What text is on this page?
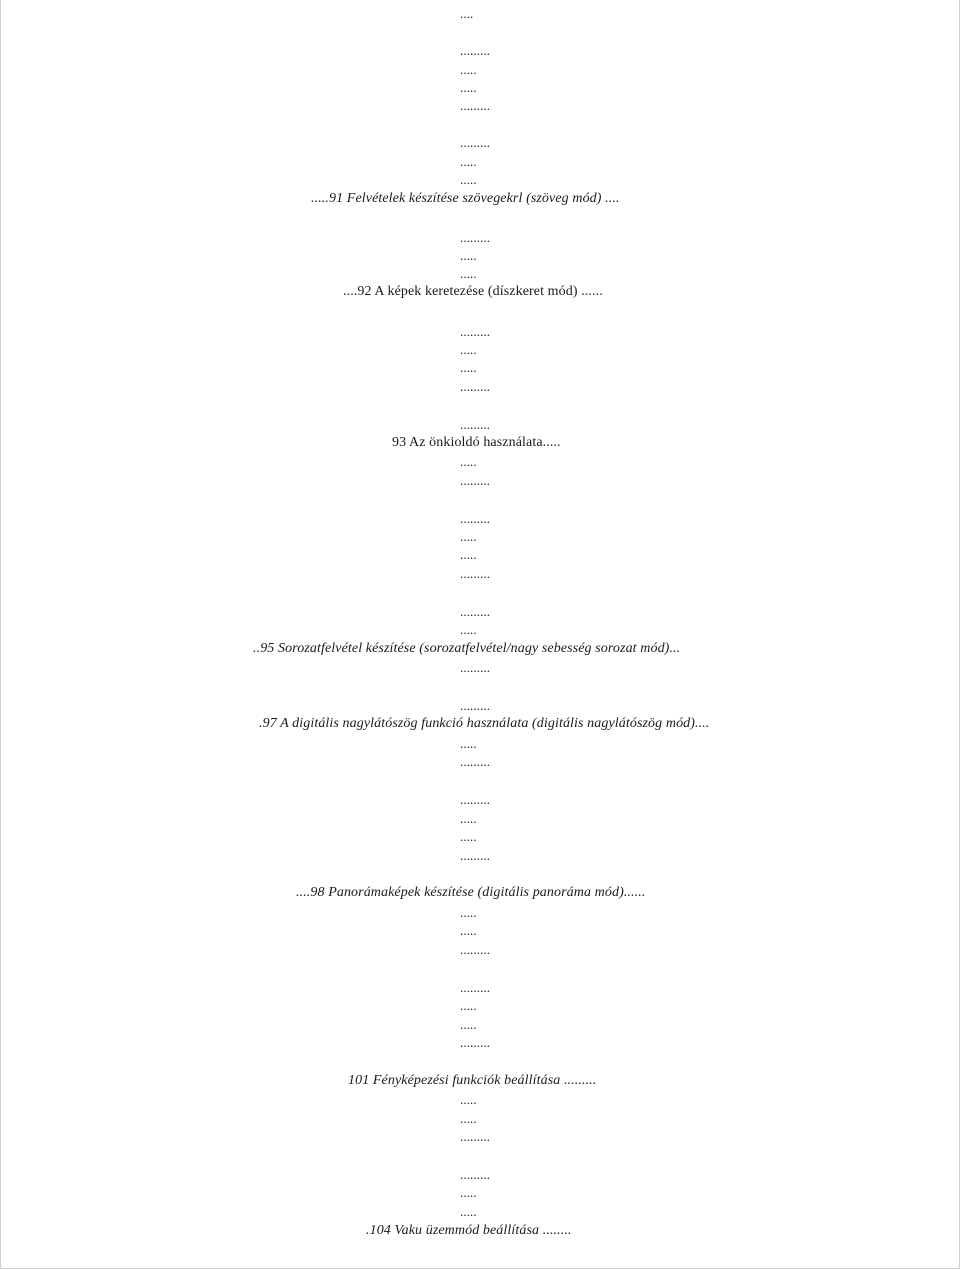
....
.........
.....
.....
.........
.........
.....
.....
.....91 Felvételek készítése szövegekrl (szöveg mód) ....
.........
.....
.....
....92 A képek keretezése (díszkeret mód) ......
.........
.....
.....
.........
.........
93 Az önkioldó használata.....
.....
.........
.........
.....
.....
.........
.........
.....
..95 Sorozatfelvétel készítése (sorozatfelvétel/nagy sebesség sorozat mód)...
.........
.........
.97 A digitális nagylátószög funkció használata (digitális nagylátószög mód)....
.....
.........
.........
.....
.....
.........
....98 Panorámaképek készítése (digitális panoráma mód)......
.....
.....
.........
.........
.....
.....
.........
101 Fényképezési funkciók beállítása .........
.....
.....
.........
.........
.....
.....
.104 Vaku üzemmód beállítása ........
